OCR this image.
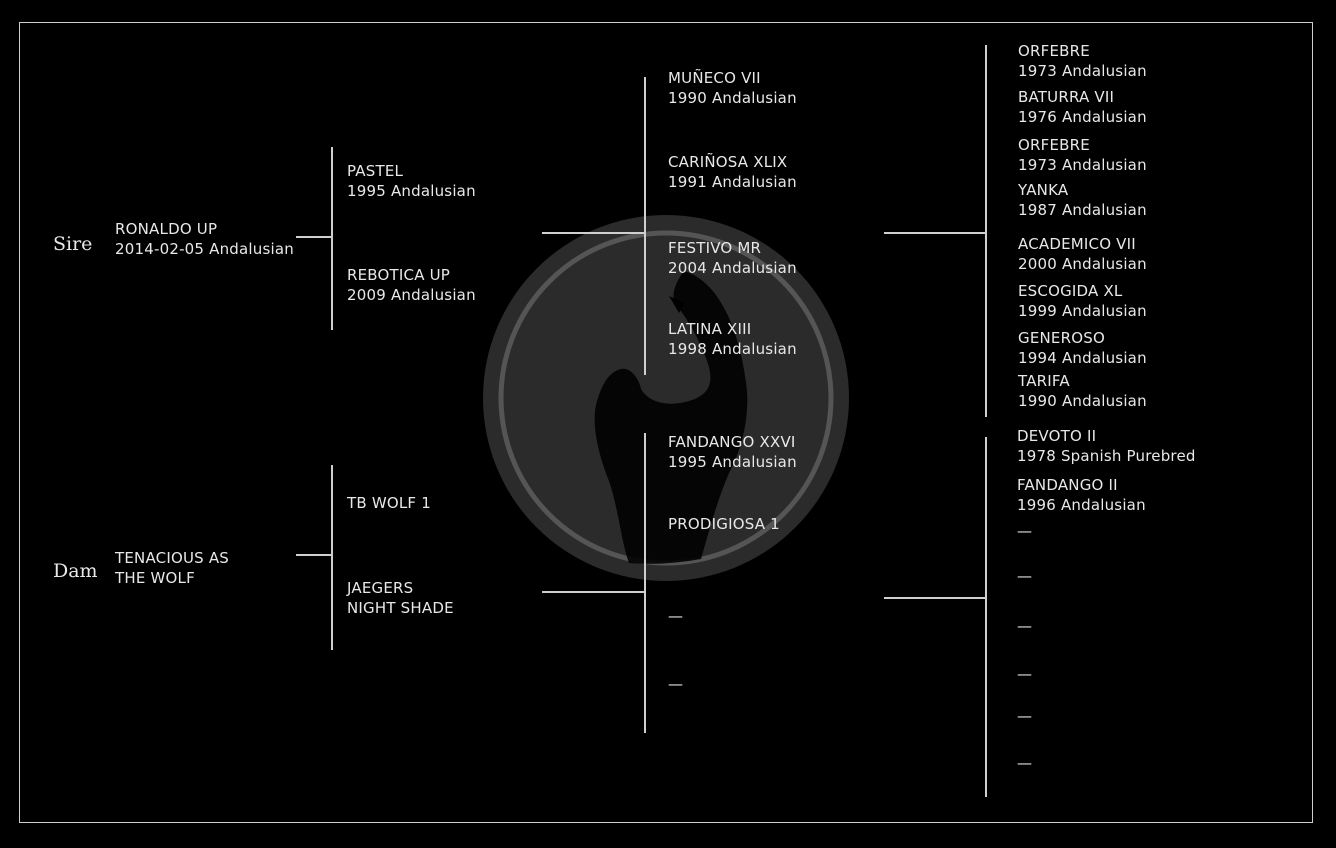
Sire
Dam
RONALDO UP
2014-02-05 Andalusian
TENACIOUS AS
THE WOLF
PASTEL
1995 Andalusian
REBOTICA UP
2009 Andalusian
TB WOLF 1
JAEGERS
NIGHT SHADE
MUÑECO VII
1990 Andalusian
CARIÑOSA XLIX
1991 Andalusian
FESTIVO MR
2004 Andalusian
LATINA XIII
1998 Andalusian
FANDANGO XXVI
1995 Andalusian
PRODIGIOSA 1
—
—
ORFEBRE
1973 Andalusian
BATURRA VII
1976 Andalusian
ORFEBRE
1973 Andalusian
YANKA
1987 Andalusian
ACADEMICO VII
2000 Andalusian
ESCOGIDA XL
1999 Andalusian
GENEROSO
1994 Andalusian
TARIFA
1990 Andalusian
DEVOTO II
1978 Spanish Purebred
FANDANGO II
1996 Andalusian
—
—
—
—
—
—
